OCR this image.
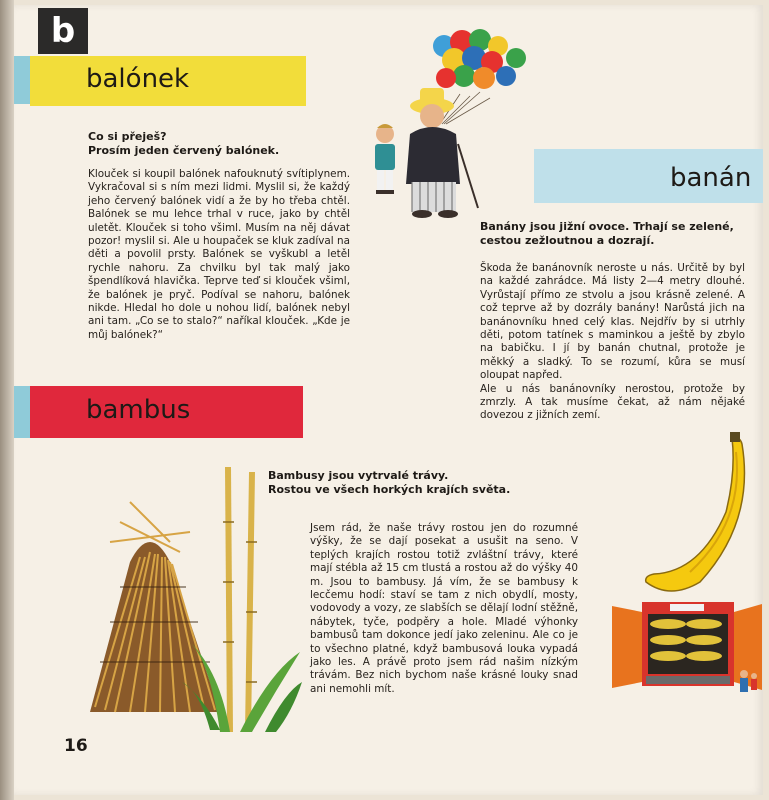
b
balónek
Co si přeješ?
Prosím jeden červený balónek.
Klouček si koupil balónek nafouknutý svítiplynem. Vykračoval si s ním mezi lidmi. Myslil si, že každý jeho červený balónek vidí a že by ho třeba chtěl. Balónek se mu lehce trhal v ruce, jako by chtěl uletět. Klouček si toho všiml. Musím na něj dávat pozor! myslil si. Ale u houpaček se kluk zadíval na děti a povolil prsty. Balónek se vyškubl a letěl rychle nahoru. Za chvilku byl tak malý jako špendlíková hlavička. Teprve teď si klouček všiml, že balónek je pryč. Podíval se nahoru, balónek nikde. Hledal ho dole u nohou lidí, balónek nebyl ani tam. „Co se to stalo?“ naříkal klouček. „Kde je můj balónek?“
banán
Banány jsou jižní ovoce. Trhají se zelené,
cestou zežloutnou a dozrají.
Škoda že banánovník neroste u nás. Určitě by byl na každé zahrádce. Má listy 2—4 metry dlouhé. Vyrůstají přímo ze stvolu a jsou krásně zelené. A což teprve až by dozrály banány! Narůstá jich na banánovníku hned celý klas. Nejdřív by si utrhly děti, potom tatínek s maminkou a ještě by zbylo na babičku. I jí by banán chutnal, protože je měkký a sladký. To se rozumí, kůra se musí oloupat napřed.
Ale u nás banánovníky nerostou, protože by zmrzly. A tak musíme čekat, až nám nějaké dovezou z jižních zemí.
bambus
Bambusy jsou vytrvalé trávy.
Rostou ve všech horkých krajích světa.
Jsem rád, že naše trávy rostou jen do rozumné výšky, že se dají posekat a usušit na seno. V teplých krajích rostou totiž zvláštní trávy, které mají stébla až 15 cm tlustá a rostou až do výšky 40 m. Jsou to bambusy. Já vím, že se bambusy k lecčemu hodí: staví se tam z nich obydlí, mosty, vodovody a vozy, ze slabších se dělají lodní stěžně, nábytek, tyče, podpěry a hole. Mladé výhonky bambusů tam dokonce jedí jako zeleninu. Ale co je to všechno platné, když bambusová louka vypadá jako les. A právě proto jsem rád našim nízkým trávám. Bez nich bychom naše krásné louky snad ani nemohli mít.
16
